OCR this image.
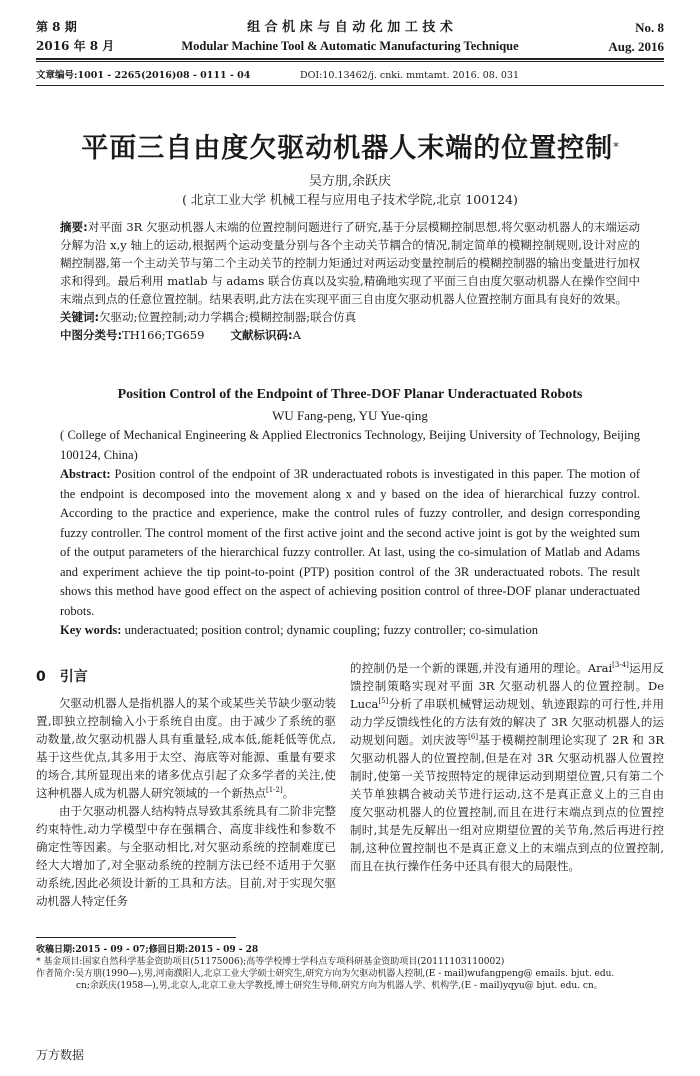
第 8 期
2016 年 8 月
组 合 机 床 与 自 动 化 加 工 技 术
Modular Machine Tool & Automatic Manufacturing Technique
No. 8
Aug. 2016
文章编号:1001 - 2265(2016)08 - 0111 - 04	DOI:10.13462/j. cnki. mmtamt. 2016. 08. 031
平面三自由度欠驱动机器人末端的位置控制*
吴方朋,余跃庆
( 北京工业大学 机械工程与应用电子技术学院,北京 100124)

摘要:对平面 3R 欠驱动机器人末端的位置控制问题进行了研究,基于分层模糊控制思想,将欠驱动机器人的末端运动分解为沿 x,y 轴上的运动,根据两个运动变量分别与各个主动关节耦合的情况,制定简单的模糊控制规则,设计对应的糊控制器,第一个主动关节与第二个主动关节的控制力矩通过对两运动变量控制后的模糊控制器的输出变量进行加权求和得到。最后利用 matlab 与 adams 联合仿真以及实验,精确地实现了平面三自由度欠驱动机器人在操作空间中末端点到点的任意位置控制。结果表明,此方法在实现平面三自由度欠驱动机器人位置控制方面具有良好的效果。

关键词:欠驱动;位置控制;动力学耦合;模糊控制器;联合仿真

中图分类号:TH166;TG659 文献标识码:A

Position Control of the Endpoint of Three-DOF Planar Underactuated Robots
WU Fang-peng, YU Yue-qing

( College of Mechanical Engineering & Applied Electronics Technology, Beijing University of Technology, Beijing 100124, China)

Abstract: Position control of the endpoint of 3R underactuated robots is investigated in this paper. The motion of the endpoint is decomposed into the movement along x and y based on the idea of hierarchical fuzzy control. According to the practice and experience, make the control rules of fuzzy controller, and design corresponding fuzzy controller. The control moment of the first active joint and the second active joint is got by the weighted sum of the output parameters of the hierarchical fuzzy controller. At last, using the co-simulation of Matlab and Adams and experiment achieve the tip point-to-point (PTP) position control of the 3R underactuated robots. The result shows this method have good effect on the aspect of achieving position control of three-DOF planar underactuated robots.

Key words: underactuated; position control; dynamic coupling; fuzzy controller; co-simulation

0 引言

欠驱动机器人是指机器人的某个或某些关节缺少驱动装置,即独立控制输入小于系统自由度。由于减少了系统的驱动数量,故欠驱动机器人具有重量轻,成本低,能耗低等优点,基于这些优点,其多用于太空、海底等对能源、重量有要求的场合,其所显现出来的诸多优点引起了众多学者的关注,使这种机器人成为机器人研究领域的一个新热点[1-2]。

由于欠驱动机器人结构特点导致其系统具有二阶非完整约束特性,动力学模型中存在强耦合、高度非线性和参数不确定性等因素。与全驱动相比,对欠驱动系统的控制难度已经大大增加了,对全驱动系统的控制方法已经不适用于欠驱动系统,因此必须设计新的工具和方法。目前,对于实现欠驱动机器人特定任务

的控制仍是一个新的课题,并没有通用的理论。Arai[3-4]运用反馈控制策略实现对平面 3R 欠驱动机器人的位置控制。De Luca[5]分析了串联机械臂运动规划、轨迹跟踪的可行性,并用动力学反馈线性化的方法有效的解决了 3R 欠驱动机器人的运动规划问题。刘庆波等[6]基于模糊控制理论实现了 2R 和 3R 欠驱动机器人的位置控制,但是在对 3R 欠驱动机器人位置控制时,使第一关节按照特定的规律运动到期望位置,只有第二个关节单独耦合被动关节进行运动,这不是真正意义上的三自由度欠驱动机器人的位置控制,而且在进行末端点到点的位置控制时,其是先反解出一组对应期望位置的关节角,然后再进行控制,这种位置控制也不是真正意义上的末端点到点的位置控制,而且在执行操作任务中还具有很大的局限性。

收稿日期:2015 - 09 - 07;修回日期:2015 - 09 - 28

* 基金项目:国家自然科学基金资助项目(51175006);高等学校博士学科点专项科研基金资助项目(20111103110002)

作者简介:吴方朋(1990—),男,河南濮阳人,北京工业大学硕士研究生,研究方向为欠驱动机器人控制,(E - mail)wufangpeng@ emails. bjut. edu.

cn;余跃庆(1958—),男,北京人,北京工业大学教授,博士研究生导师,研究方向为机器人学、机构学,(E - mail)yqyu@ bjut. edu. cn。

万方数据
